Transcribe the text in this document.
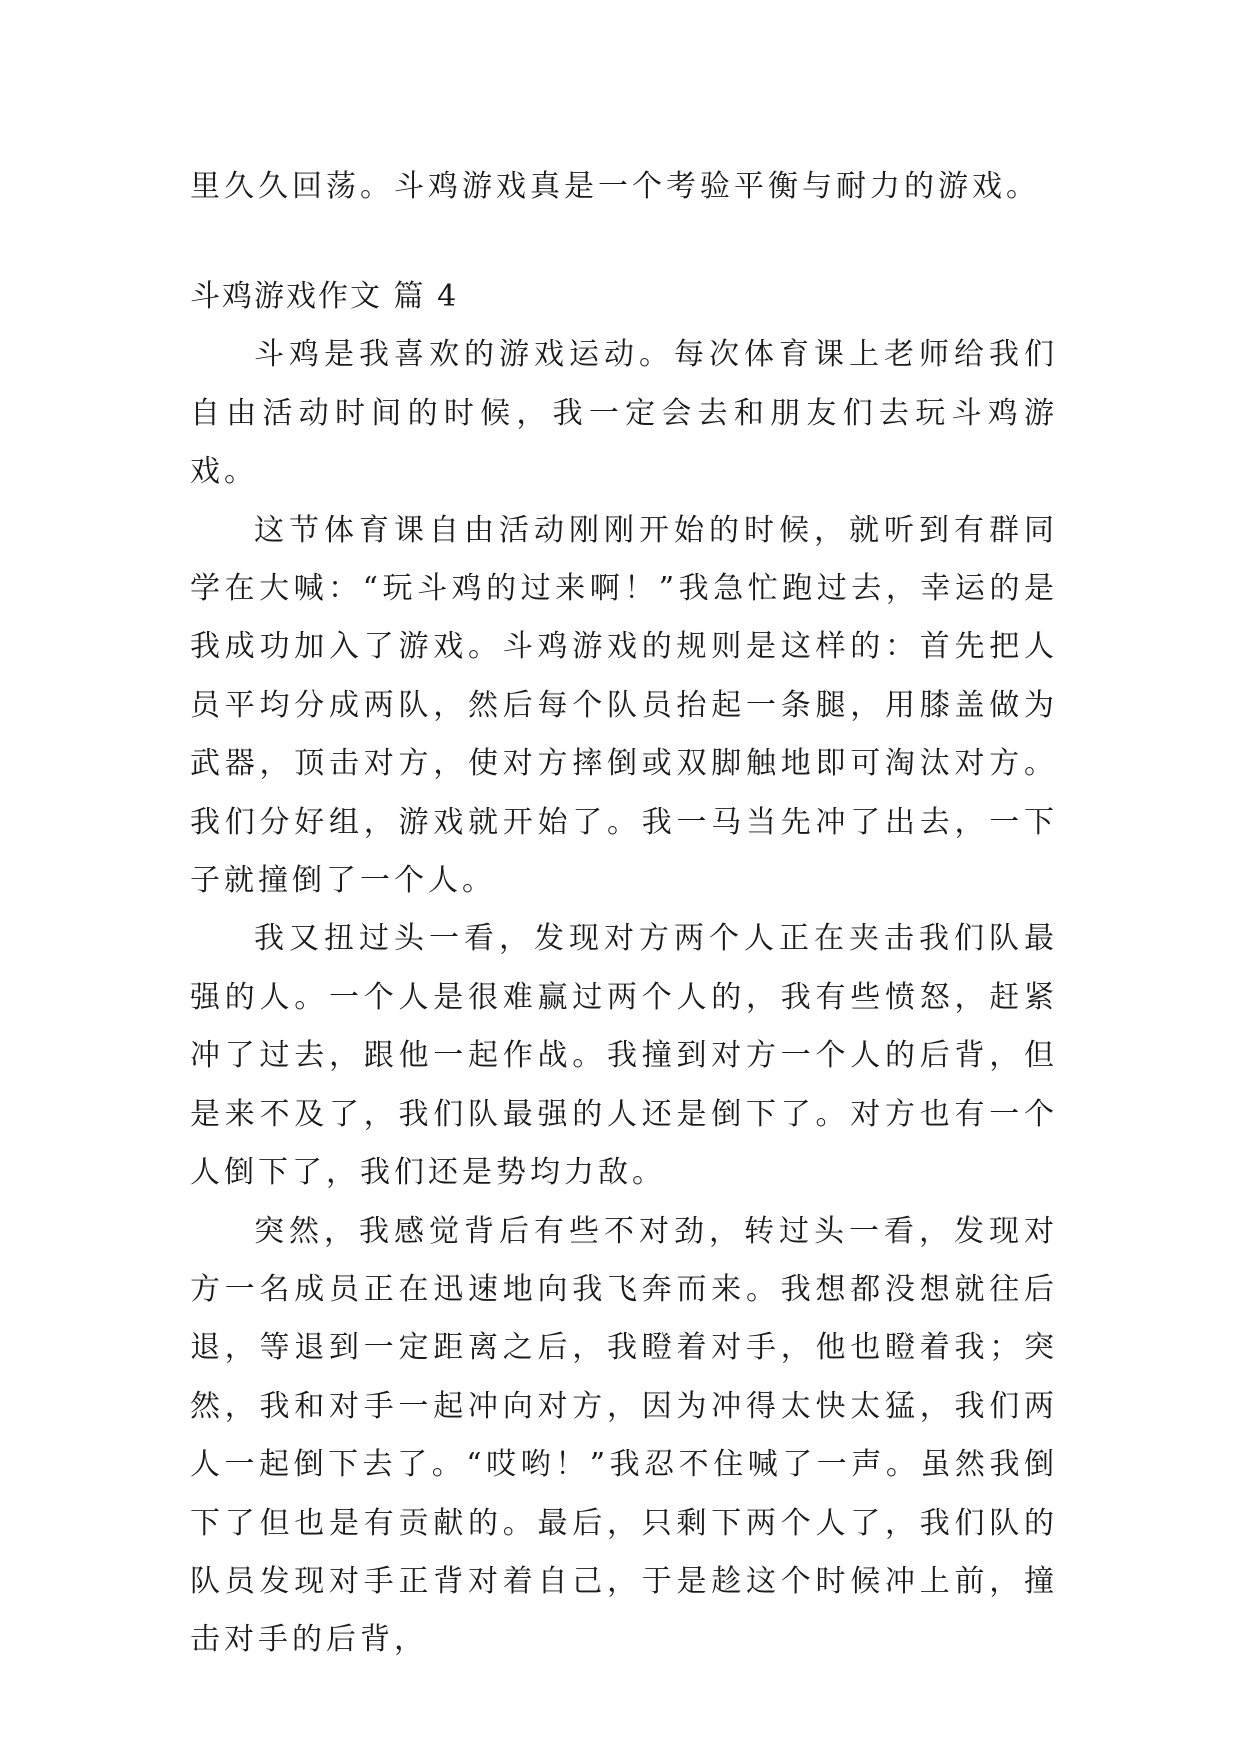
里久久回荡。斗鸡游戏真是一个考验平衡与耐力的游戏。

斗鸡游戏作文 篇 4

斗鸡是我喜欢的游戏运动。每次体育课上老师给我们自由活动时间的时候，我一定会去和朋友们去玩斗鸡游戏。

这节体育课自由活动刚刚开始的时候，就听到有群同学在大喊：“玩斗鸡的过来啊！”我急忙跑过去，幸运的是我成功加入了游戏。斗鸡游戏的规则是这样的：首先把人员平均分成两队，然后每个队员抬起一条腿，用膝盖做为武器，顶击对方，使对方摔倒或双脚触地即可淘汰对方。我们分好组，游戏就开始了。我一马当先冲了出去，一下子就撞倒了一个人。

我又扭过头一看，发现对方两个人正在夹击我们队最强的人。一个人是很难赢过两个人的，我有些愤怒，赶紧冲了过去，跟他一起作战。我撞到对方一个人的后背，但是来不及了，我们队最强的人还是倒下了。对方也有一个人倒下了，我们还是势均力敌。

突然，我感觉背后有些不对劲，转过头一看，发现对方一名成员正在迅速地向我飞奔而来。我想都没想就往后退，等退到一定距离之后，我瞪着对手，他也瞪着我；突然，我和对手一起冲向对方，因为冲得太快太猛，我们两人一起倒下去了。“哎哟！”我忍不住喊了一声。虽然我倒下了但也是有贡献的。最后，只剩下两个人了，我们队的队员发现对手正背对着自己，于是趁这个时候冲上前，撞击对手的后背，
